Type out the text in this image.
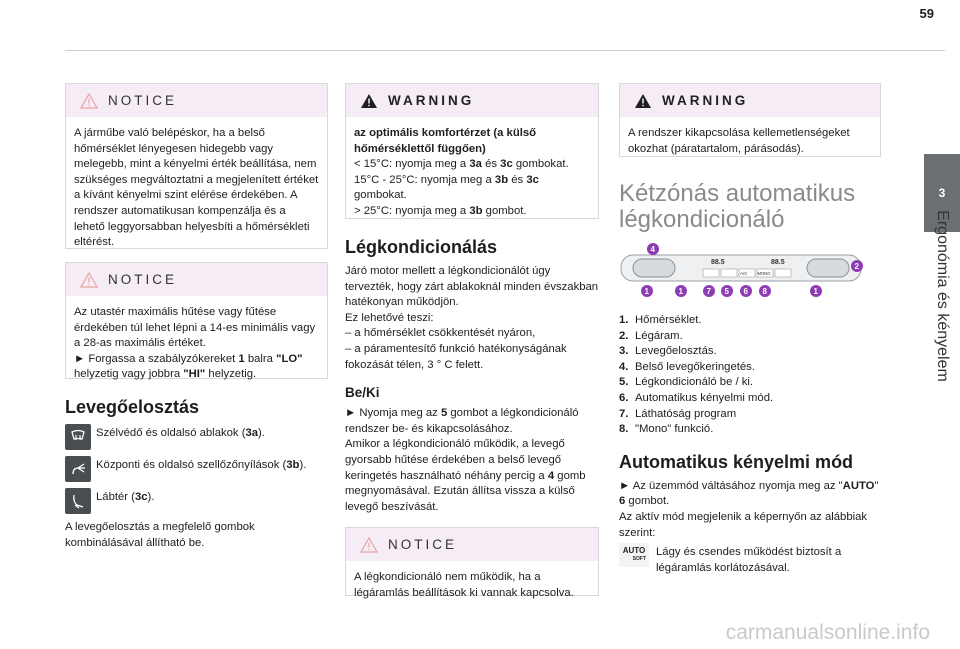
59
3
Ergonómia és kényelem
NOTICE
A járműbe való belépéskor, ha a belső hőmérséklet lényegesen hidegebb vagy melegebb, mint a kényelmi érték beállítása, nem szükséges megváltoztatni a megjelenített értéket a kívánt kényelmi szint elérése érdekében. A rendszer automatikusan kompenzálja és a lehető leggyorsabban helyesbíti a hőmérsékleti eltérést.
NOTICE
Az utastér maximális hűtése vagy fűtése érdekében túl lehet lépni a 14-es minimális vagy a 28-as maximális értéket.
► Forgassa a szabályzókereket 1 balra "LO" helyzetig vagy jobbra "HI" helyzetig.
Levegőelosztás
Szélvédő és oldalsó ablakok (3a).
Központi és oldalsó szellőzőnyílások (3b).
Lábtér (3c).
A levegőelosztás a megfelelő gombok kombinálásával állítható be.
WARNING
az optimális komfortérzet (a külső hőmérséklettől függően)
< 15°C: nyomja meg a 3a és 3c gombokat.
15°C - 25°C: nyomja meg a 3b és 3c gombokat.
> 25°C: nyomja meg a 3b gombot.
Légkondicionálás
Járó motor mellett a légkondicionálót úgy tervezték, hogy zárt ablakoknál minden évszakban hatékonyan működjön.
Ez lehetővé teszi:
– a hőmérséklet csökkentését nyáron,
– a páramentesítő funkció hatékonyságának fokozását télen, 3 ° C felett.
Be/Ki
► Nyomja meg az 5 gombot a légkondicionáló rendszer be- és kikapcsolásához.
Amikor a légkondicionáló működik, a levegő gyorsabb hűtése érdekében a belső levegő keringetés használható néhány percig a 4 gomb megnyomásával. Ezután állítsa vissza a külső levegő beszívását.
NOTICE
A légkondicionáló nem működik, ha a légáramlás beállítások ki vannak kapcsolva.
WARNING
A rendszer kikapcsolása kellemetlenségeket okozhat (páratartalom, párásodás).
Kétzónás automatikus légkondicionáló
88.5	88.5
A/C MONO
4
2
1	1	7 5 6 8	1
1. Hőmérséklet.
2. Légáram.
3. Levegőelosztás.
4. Belső levegőkeringetés.
5. Légkondicionáló be / ki.
6. Automatikus kényelmi mód.
7. Láthatóság program
8. "Mono" funkció.
Automatikus kényelmi mód
► Az üzemmód váltásához nyomja meg az "AUTO" 6 gombot.
Az aktív mód megjelenik a képernyőn az alábbiak szerint:
AUTO
SOFT
Lágy és csendes működést biztosít a légáramlás korlátozásával.
carmanualsonline.info
